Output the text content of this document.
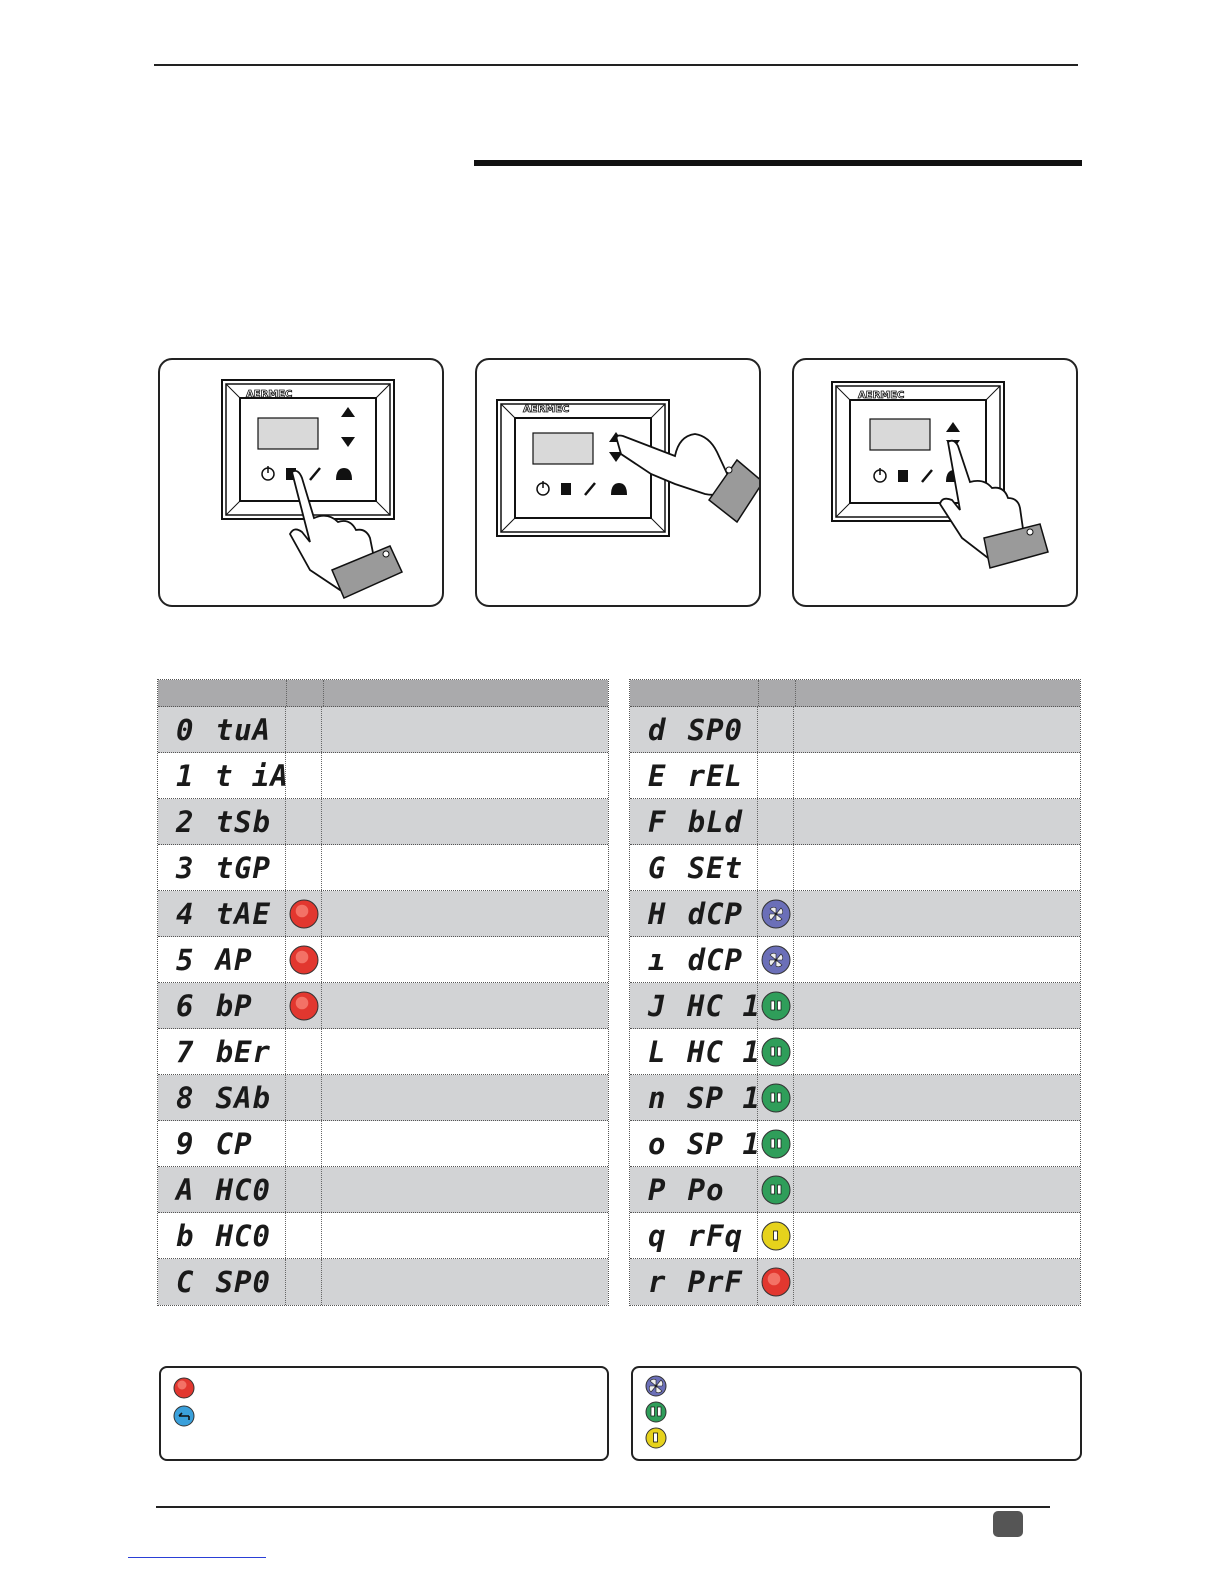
AERMEC
AERMEC
AERMEC
0 tuA
1 t iA
2 tSb
3 tGP
4 tAE
5 AP
6 bP
7 bEr
8 SAb
9 CP
A HC0
b HC0
C SP0
d SP0
E rEL
F bLd
G SEt
H dCP
ı dCP
J HC 1
L HC 1
n SP 1
o SP 1
P Po
q rFq
r PrF
